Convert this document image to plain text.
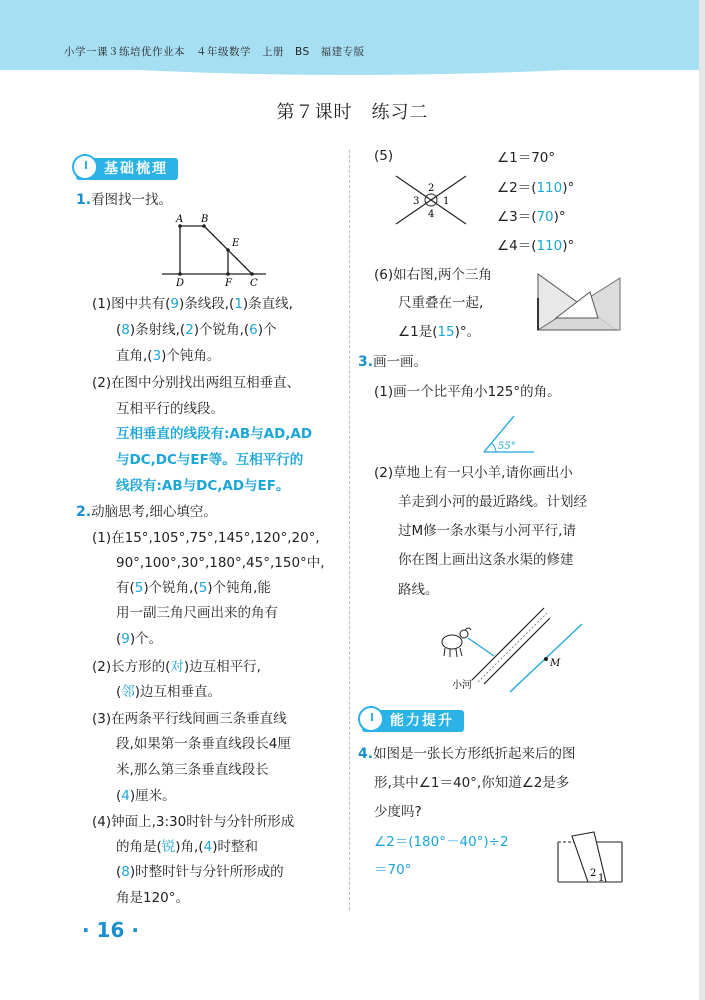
小学一课３练培优作业本　４年级数学　上册　BS　福建专版
第７课时　练习二
基础梳理
1.看图找一找。
A B
E
D	F C
(1)图中共有(9)条线段,(1)条直线,
(8)条射线,(2)个锐角,(6)个
直角,(3)个钝角。
(2)在图中分别找出两组互相垂直、
互相平行的线段。
互相垂直的线段有:AB与AD,AD
与DC,DC与EF等。互相平行的
线段有:AB与DC,AD与EF。
2.动脑思考,细心填空。
(1)在15°,105°,75°,145°,120°,20°,
90°,100°,30°,180°,45°,150°中,
有(5)个锐角,(5)个钝角,能
用一副三角尺画出来的角有
(9)个。
(2)长方形的(对)边互相平行,
(邻)边互相垂直。
(3)在两条平行线间画三条垂直线
段,如果第一条垂直线段长4厘
米,那么第三条垂直线段长
(4)厘米。
(4)钟面上,3:30时针与分针所形成
的角是(锐)角,(4)时整和
(8)时整时针与分针所形成的
角是120°。
· 16 ·
(5)
2
3 1
4
∠1＝70°
∠2＝(110)°
∠3＝(70)°
∠4＝(110)°
(6)如右图,两个三角
尺重叠在一起,
∠1是(15)°。
3.画一画。
(1)画一个比平角小125°的角。
55°
(2)草地上有一只小羊,请你画出小
羊走到小河的最近路线。计划经
过M修一条水渠与小河平行,请
你在图上画出这条水渠的修建
路线。
小河
M
能力提升
4.如图是一张长方形纸折起来后的图
形,其中∠1＝40°,你知道∠2是多
少度吗?
∠2＝(180°－40°)÷2
＝70°	2 1
